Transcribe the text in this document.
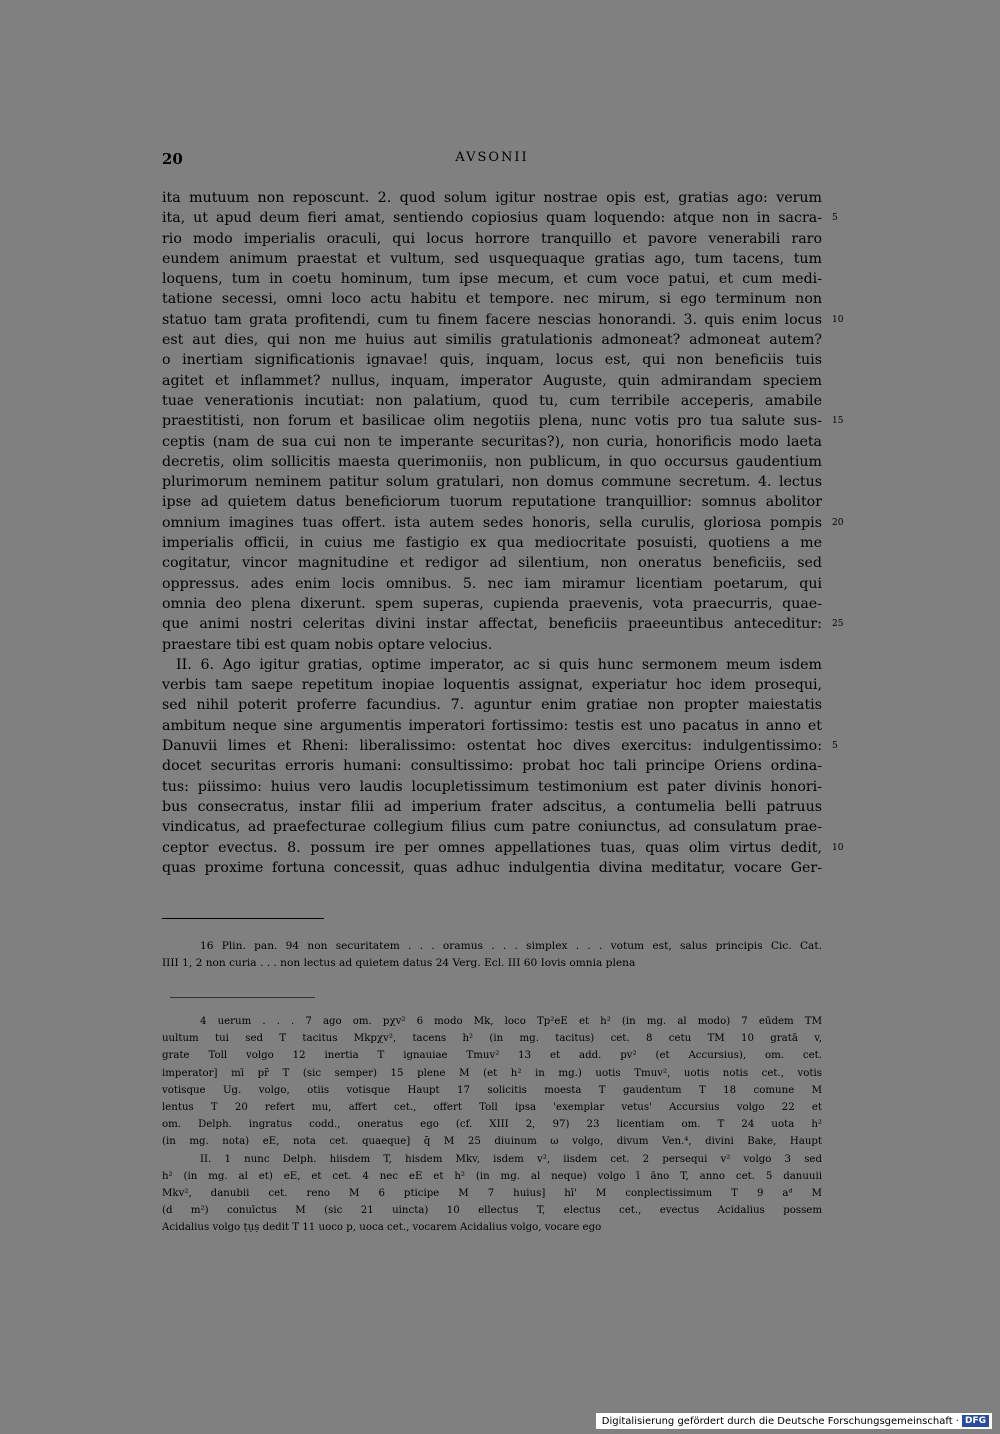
20	AVSONII
ita mutuum non reposcunt. 2. quod solum igitur nostrae opis est, gratias ago: verum
ita, ut apud deum fieri amat, sentiendo copiosius quam loquendo: atque non in sacra- 5
rio modo imperialis oraculi, qui locus horrore tranquillo et pavore venerabili raro
eundem animum praestat et vultum, sed usquequaque gratias ago, tum tacens, tum
loquens, tum in coetu hominum, tum ipse mecum, et cum voce patui, et cum medi-
tatione secessi, omni loco actu habitu et tempore. nec mirum, si ego terminum non
statuo tam grata profitendi, cum tu finem facere nescias honorandi. 3. quis enim locus 10
est aut dies, qui non me huius aut similis gratulationis admoneat? admoneat autem?
o inertiam significationis ignavae! quis, inquam, locus est, qui non beneficiis tuis
agitet et inflammet? nullus, inquam, imperator Auguste, quin admirandam speciem
tuae venerationis incutiat: non palatium, quod tu, cum terribile acceperis, amabile
praestitisti, non forum et basilicae olim negotiis plena, nunc votis pro tua salute sus- 15
ceptis (nam de sua cui non te imperante securitas?), non curia, honorificis modo laeta
decretis, olim sollicitis maesta querimoniis, non publicum, in quo occursus gaudentium
plurimorum neminem patitur solum gratulari, non domus commune secretum. 4. lectus
ipse ad quietem datus beneficiorum tuorum reputatione tranquillior: somnus abolitor
omnium imagines tuas offert. ista autem sedes honoris, sella curulis, gloriosa pompis 20
imperialis officii, in cuius me fastigio ex qua mediocritate posuisti, quotiens a me
cogitatur, vincor magnitudine et redigor ad silentium, non oneratus beneficiis, sed
oppressus. ades enim locis omnibus. 5. nec iam miramur licentiam poetarum, qui
omnia deo plena dixerunt. spem superas, cupienda praevenis, vota praecurris, quae-
que animi nostri celeritas divini instar affectat, beneficiis praeeuntibus anteceditur: 25
praestare tibi est quam nobis optare velocius.
II. 6. Ago igitur gratias, optime imperator, ac si quis hunc sermonem meum isdem
verbis tam saepe repetitum inopiae loquentis assignat, experiatur hoc idem prosequi,
sed nihil poterit proferre facundius. 7. aguntur enim gratiae non propter maiestatis
ambitum neque sine argumentis imperatori fortissimo: testis est uno pacatus in anno et
Danuvii limes et Rheni: liberalissimo: ostentat hoc dives exercitus: indulgentissimo: 5
docet securitas erroris humani: consultissimo: probat hoc tali principe Oriens ordina-
tus: piissimo: huius vero laudis locupletissimum testimonium est pater divinis honori-
bus consecratus, instar filii ad imperium frater adscitus, a contumelia belli patruus
vindicatus, ad praefecturae collegium filius cum patre coniunctus, ad consulatum prae-
ceptor evectus. 8. possum ire per omnes appellationes tuas, quas olim virtus dedit, 10
quas proxime fortuna concessit, quas adhuc indulgentia divina meditatur, vocare Ger-
16 Plin. pan. 94 non securitatem . . . oramus . . . simplex . . . votum est, salus principis Cic. Cat.
IIII 1, 2 non curia . . . non lectus ad quietem datus 24 Verg. Ecl. III 60 Iovis omnia plena
4 uerum . . . 7 ago om. pχv² 6 modo Mk, loco Tp²eE et h² (in mg. al modo) 7 eūdem TM
uultum tui sed T tacitus Mkpχv², tacens h² (in mg. tacitus) cet. 8 cetu TM 10 gratā v,
grate Toll volgo 12 inertia T ignauiae Tmuv² 13 et add. pv² (et Accursius), om. cet.
imperator] mī pr̄ T (sic semper) 15 plene M (et h² in mg.) uotis Tmuv², uotis notis cet., votis
votisque Ug. volgo, otiis votisque Haupt 17 solicitis moesta T gaudentum T 18 comune M
lentus T 20 refert mu, affert cet., offert Toll ipsa 'exemplar vetus' Accursius volgo 22 et
om. Delph. ingratus codd., oneratus ego (cf. XIII 2, 97) 23 licentiam om. T 24 uota h²
(in mg. nota) eE, nota cet. quaeque] q̄ M 25 diuinum ω volgo, divum Ven.⁴, divini Bake, Haupt
II. 1 nunc Delph. hiisdem T, hisdem Mkv, isdem v², iisdem cet. 2 persequi v² volgo 3 sed
h² (in mg. al et) eE, et cet. 4 nec eE et h² (in mg. al neque) volgo ī āno T, anno cet. 5 danuuii
Mkv², danubii cet. reno M 6 pticipe M 7 huius] hī' M conplectissimum T 9 aᵈ M
(d m²) conuīctus M (sic 21 uincta) 10 ellectus T, electus cet., evectus Acidalius possem
Acidalius volgo ṭụṣ dedit T 11 uoco p, uoca cet., vocarem Acidalius volgo, vocare ego
Digitalisierung gefördert durch die Deutsche Forschungsgemeinschaft · DFG
